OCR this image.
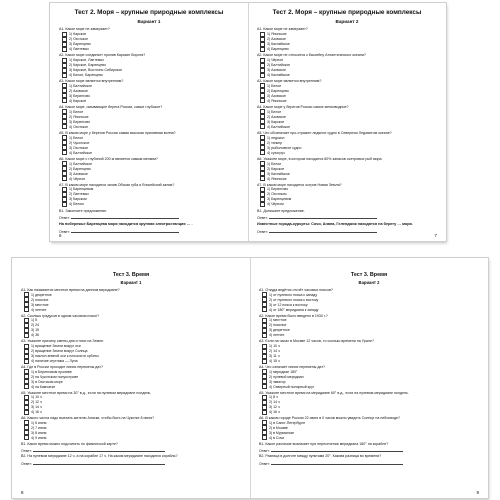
Тест 2. Моря – крупные природные комплексы
Вариант 1
А1. Какое море не замерзает?
1) Карское
2) Охотское
3) Баренцево
4) Лаптевых
А2. Какое море соединяет пролив Карские Ворота?
1) Карское, Лаптевых
2) Карское, Баренцево
3) Карское, Восточно-Сибирское
4) Белое, Баренцево
А3. Какое море является внутренним?
1) Балтийское
2) Азовское
3) Берингово
4) Карское
А4. Какое море, омывающее берега России, самое глубокое?
1) Белое
2) Японское
3) Берингово
4) Охотское
А5. В каком море у берегов России самая высокая приливная волна?
1) Белое
2) Чукотское
3) Охотское
4) Балтийское
А6. Какое море с глубиной 200 м является самым мелким?
1) Балтийское
2) Баренцево
3) Азовское
4) Чёрное
А7. В каком море находится залив Обская губа и Енисейский залив?
1) Баренцевом
2) Лаптевых
3) Карском
4) Белом
В1. Закончите предложение.
Ответ:
На побережье Баренцева моря находится крупная электростанция … .
Ответ:
6
Тест 2. Моря – крупные природные комплексы
Вариант 2
А1. Какое море не замерзает?
1) Японское
2) Азовское
3) Каспийское
4) Баренцево
А2. Какое море не относится к бассейну Атлантического океана?
1) Чёрное
2) Балтийское
3) Азовское
4) Каспийское
А3. Какое море является внутренним?
1) Белое
2) Баренцево
3) Азовское
4) Японское
А4. Какое море у берегов России самое мелководное?
1) Белое
2) Азовское
3) Карское
4) Балтийское
А5. Что обозначает про-стражен ледяное судно в Северном Ледовитом океане?
1) ледокол
2) танкер
3) рыболовное судно
4) сухогруз
А6. Укажите море, в котором находится 60% запасов осетровых рыб мира.
1) Белое
2) Карское
3) Каспийское
4) Японское
А7. В каком море находится остров Новая Земля?
1) Берингово
2) Охотском
3) Баренцевом
4) Чёрном
В1. Допишите предложение.
Ответ:
Известные города-курорты: Сочи, Анапа, Геленджик находятся на берегу … моря.
Ответ:
7
Тест 3. Время
Вариант 1
А1. Как называется местное время на данном меридиане?
1) декретное
2) поясное
3) местное
4) летнее
А2. Сколько градусов в одном часовом поясе?
1) 5
2) 24
3) 15
4) 36
А3. Укажите причину смены дня и ночи на Земле.
1) вращение Земли вокруг оси
2) вращение Земли вокруг Солнца
3) наклон земной оси к плоскости орбиты
4) наличие спутника — Луна
А4. Где в России проходит линия перемены дат?
1) в Беринговом проливе
2) на Чукотском полуострове
3) в Охотском море
4) на Камчатке
А5. Укажите местное время на 30° в.д., если на нулевом меридиане полдень.
1) 10 ч
2) 12 ч
3) 14 ч
4) 16 ч
А6. Какого числа надо выехать жителю Аляски, чтобы быть на Чукотке 8 июня?
1) 6 июня
2) 7 июня
3) 8 июня
4) 9 июня
В1. Какое время можно подсчитать по физической карте?
Ответ:
В2. На нулевом меридиане 12 ч, а на корабле 17 ч. На каком меридиане находится корабль?
Ответ:
8
Тест 3. Время
Вариант 2
А1. Откуда ведётся отсчёт часовых поясов?
1) от нулевого пояса к западу
2) от нулевого пояса к востоку
3) от 12 пояса к востоку
4) от 180° меридиана к западу
А2. Какое время было введено в 1930 г.?
1) местное
2) поясное
3) декретное
4) летнее
А3. Если на часах в Москве 12 часов, то сколько времени на Урале?
1) 10 ч
2) 14 ч
3) 11 ч
4) 15 ч
А4. Что означает линия перемены дат?
1) меридиан 180°
2) нулевой меридиан
3) экватор
4) Северный полярный круг
А5. Укажите местное время на меридиане 60° в.д., если на нулевом меридиане полдень.
1) 8 ч
2) 14 ч
3) 12 ч
4) 16 ч
А6. В каком городе России 22 июня в 0 часов можно увидеть Солнце на небосводе?
1) в Санкт-Петербурге
2) в Москве
3) в Мурманске
4) в Сочи
В1. Какое различие возникает при пересечении меридиана 180° на корабле?
Ответ:
В2. Разница в долготе между пунктами 20°. Какова разница во времени?
Ответ:
9
